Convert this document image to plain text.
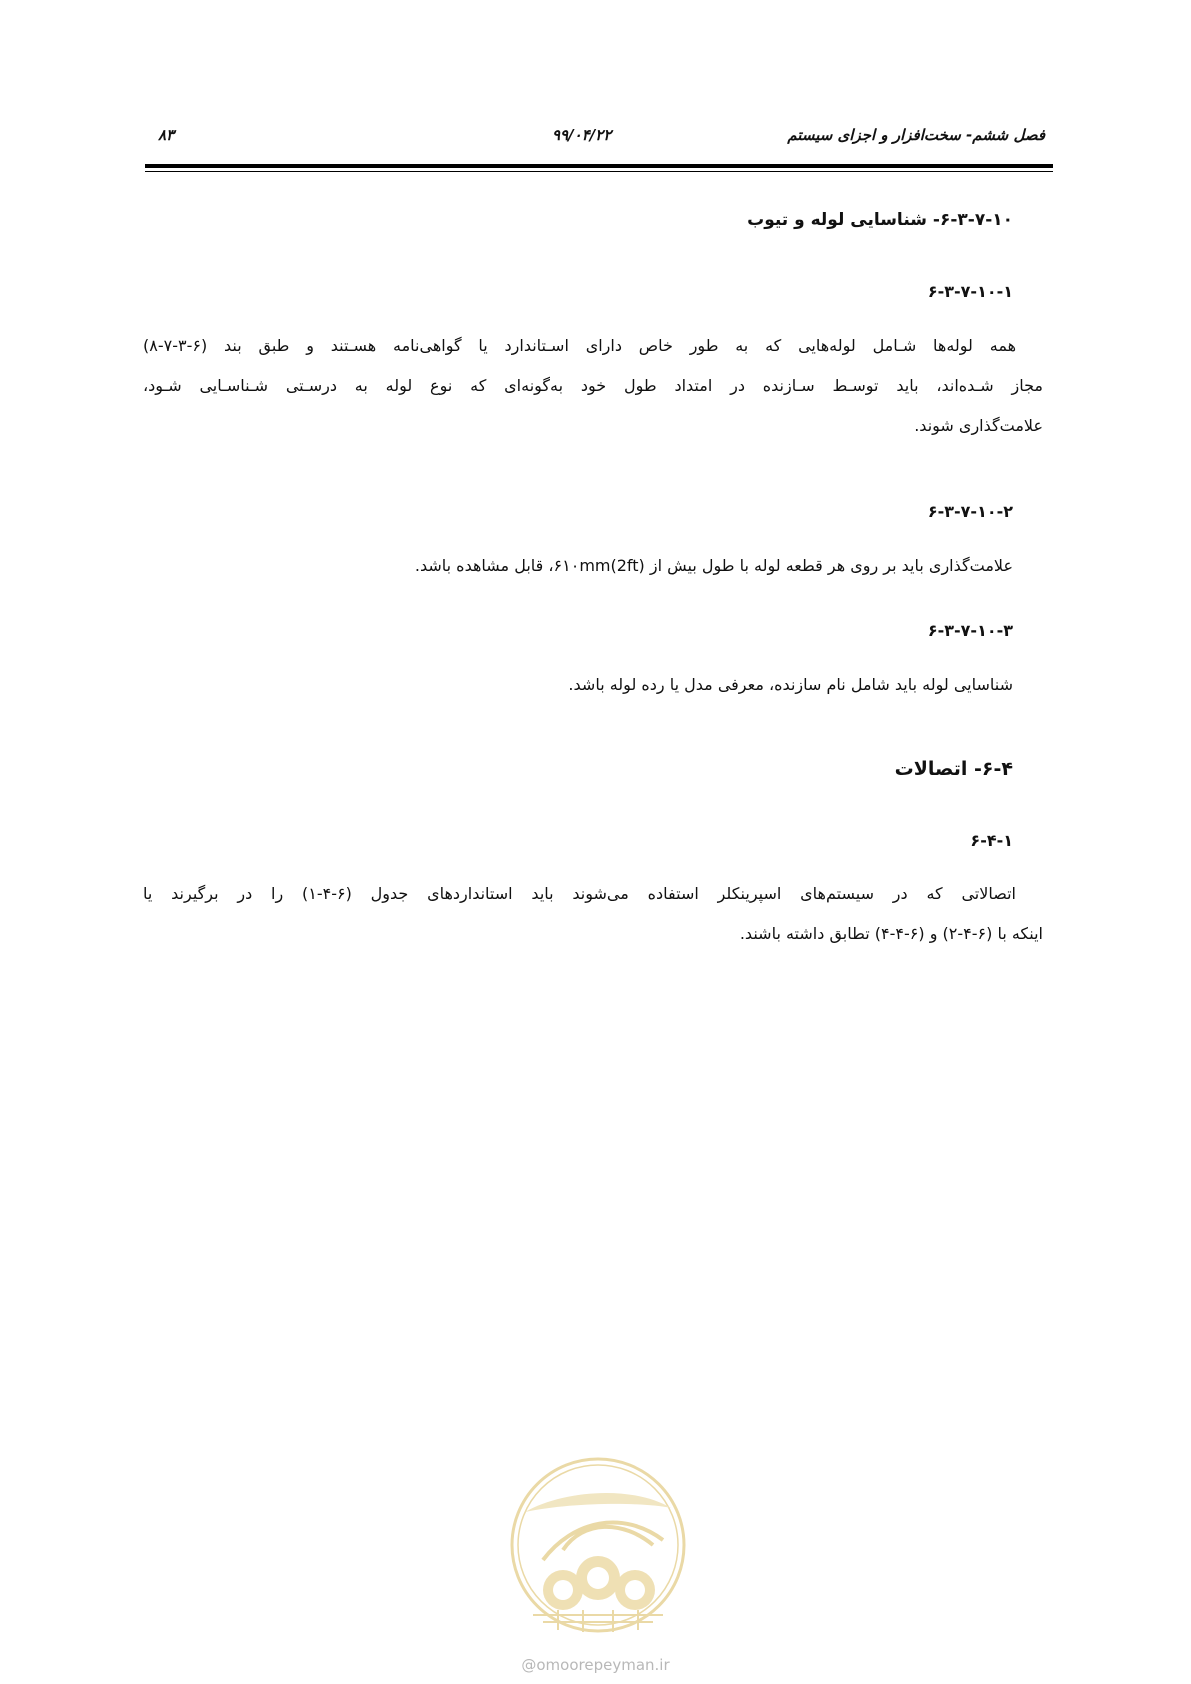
فصل ششم- سخت‌افزار و اجزای سیستم
۹۹/۰۴/۲۲
۸۳
۶-۳-۷-۱۰- شناسایی لوله و تیوب
۶-۳-۷-۱۰-۱
همه لوله‌ها شـامل لوله‌هایی که به طور خاص دارای اسـتاندارد یا گواهی‌نامه هسـتند و طبق بند (۶-۳-۷-۸)
مجاز شـده‌اند، باید توسـط سـازنده در امتداد طول خود به‌گونه‌ای که نوع لوله به درسـتی شـناسـایی شـود،
علامت‌گذاری شوند.
۶-۳-۷-۱۰-۲
علامت‌گذاری باید بر روی هر قطعه لوله با طول بیش از ۶۱۰mm(2ft)، قابل مشاهده باشد.
۶-۳-۷-۱۰-۳
شناسایی لوله باید شامل نام سازنده، معرفی مدل یا رده لوله باشد.
۶-۴- اتصالات
۶-۴-۱
اتصالاتی که در سیستم‌های اسپرینکلر استفاده می‌شوند باید استانداردهای جدول (۶-۴-۱) را در برگیرند یا
اینکه با (۶-۴-۲) و (۶-۴-۴) تطابق داشته باشند.
@omoorepeyman.ir
